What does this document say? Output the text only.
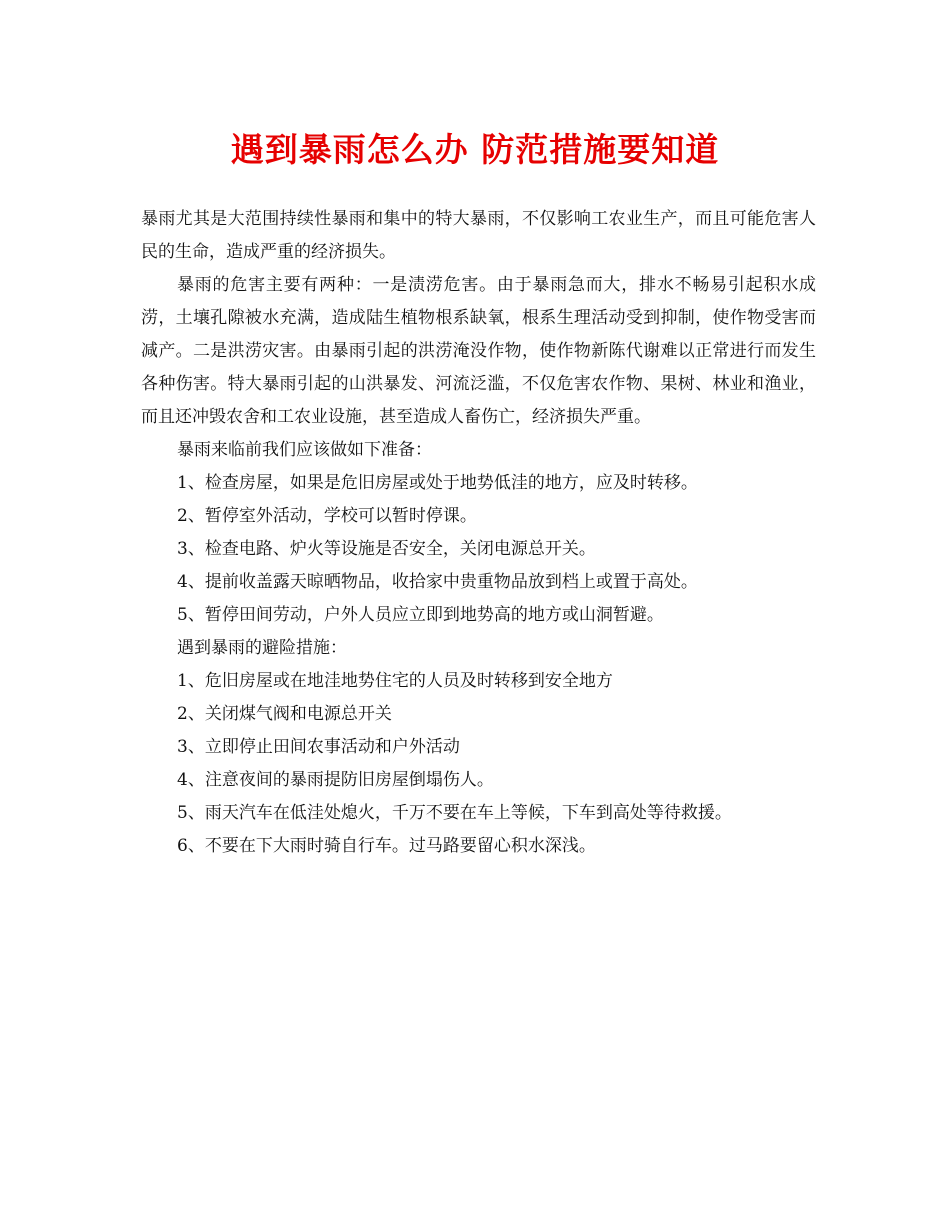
遇到暴雨怎么办 防范措施要知道

暴雨尤其是大范围持续性暴雨和集中的特大暴雨，不仅影响工农业生产，而且可能危害人民的生命，造成严重的经济损失。

暴雨的危害主要有两种：一是渍涝危害。由于暴雨急而大，排水不畅易引起积水成涝，土壤孔隙被水充满，造成陆生植物根系缺氧，根系生理活动受到抑制，使作物受害而减产。二是洪涝灾害。由暴雨引起的洪涝淹没作物，使作物新陈代谢难以正常进行而发生各种伤害。特大暴雨引起的山洪暴发、河流泛滥，不仅危害农作物、果树、林业和渔业，而且还冲毁农舍和工农业设施，甚至造成人畜伤亡，经济损失严重。

暴雨来临前我们应该做如下准备：

1、检查房屋，如果是危旧房屋或处于地势低洼的地方，应及时转移。

2、暂停室外活动，学校可以暂时停课。

3、检查电路、炉火等设施是否安全，关闭电源总开关。

4、提前收盖露天晾晒物品，收拾家中贵重物品放到档上或置于高处。

5、暂停田间劳动，户外人员应立即到地势高的地方或山洞暂避。

遇到暴雨的避险措施：

1、危旧房屋或在地洼地势住宅的人员及时转移到安全地方

2、关闭煤气阀和电源总开关

3、立即停止田间农事活动和户外活动

4、注意夜间的暴雨提防旧房屋倒塌伤人。

5、雨天汽车在低洼处熄火，千万不要在车上等候，下车到高处等待救援。

6、不要在下大雨时骑自行车。过马路要留心积水深浅。
